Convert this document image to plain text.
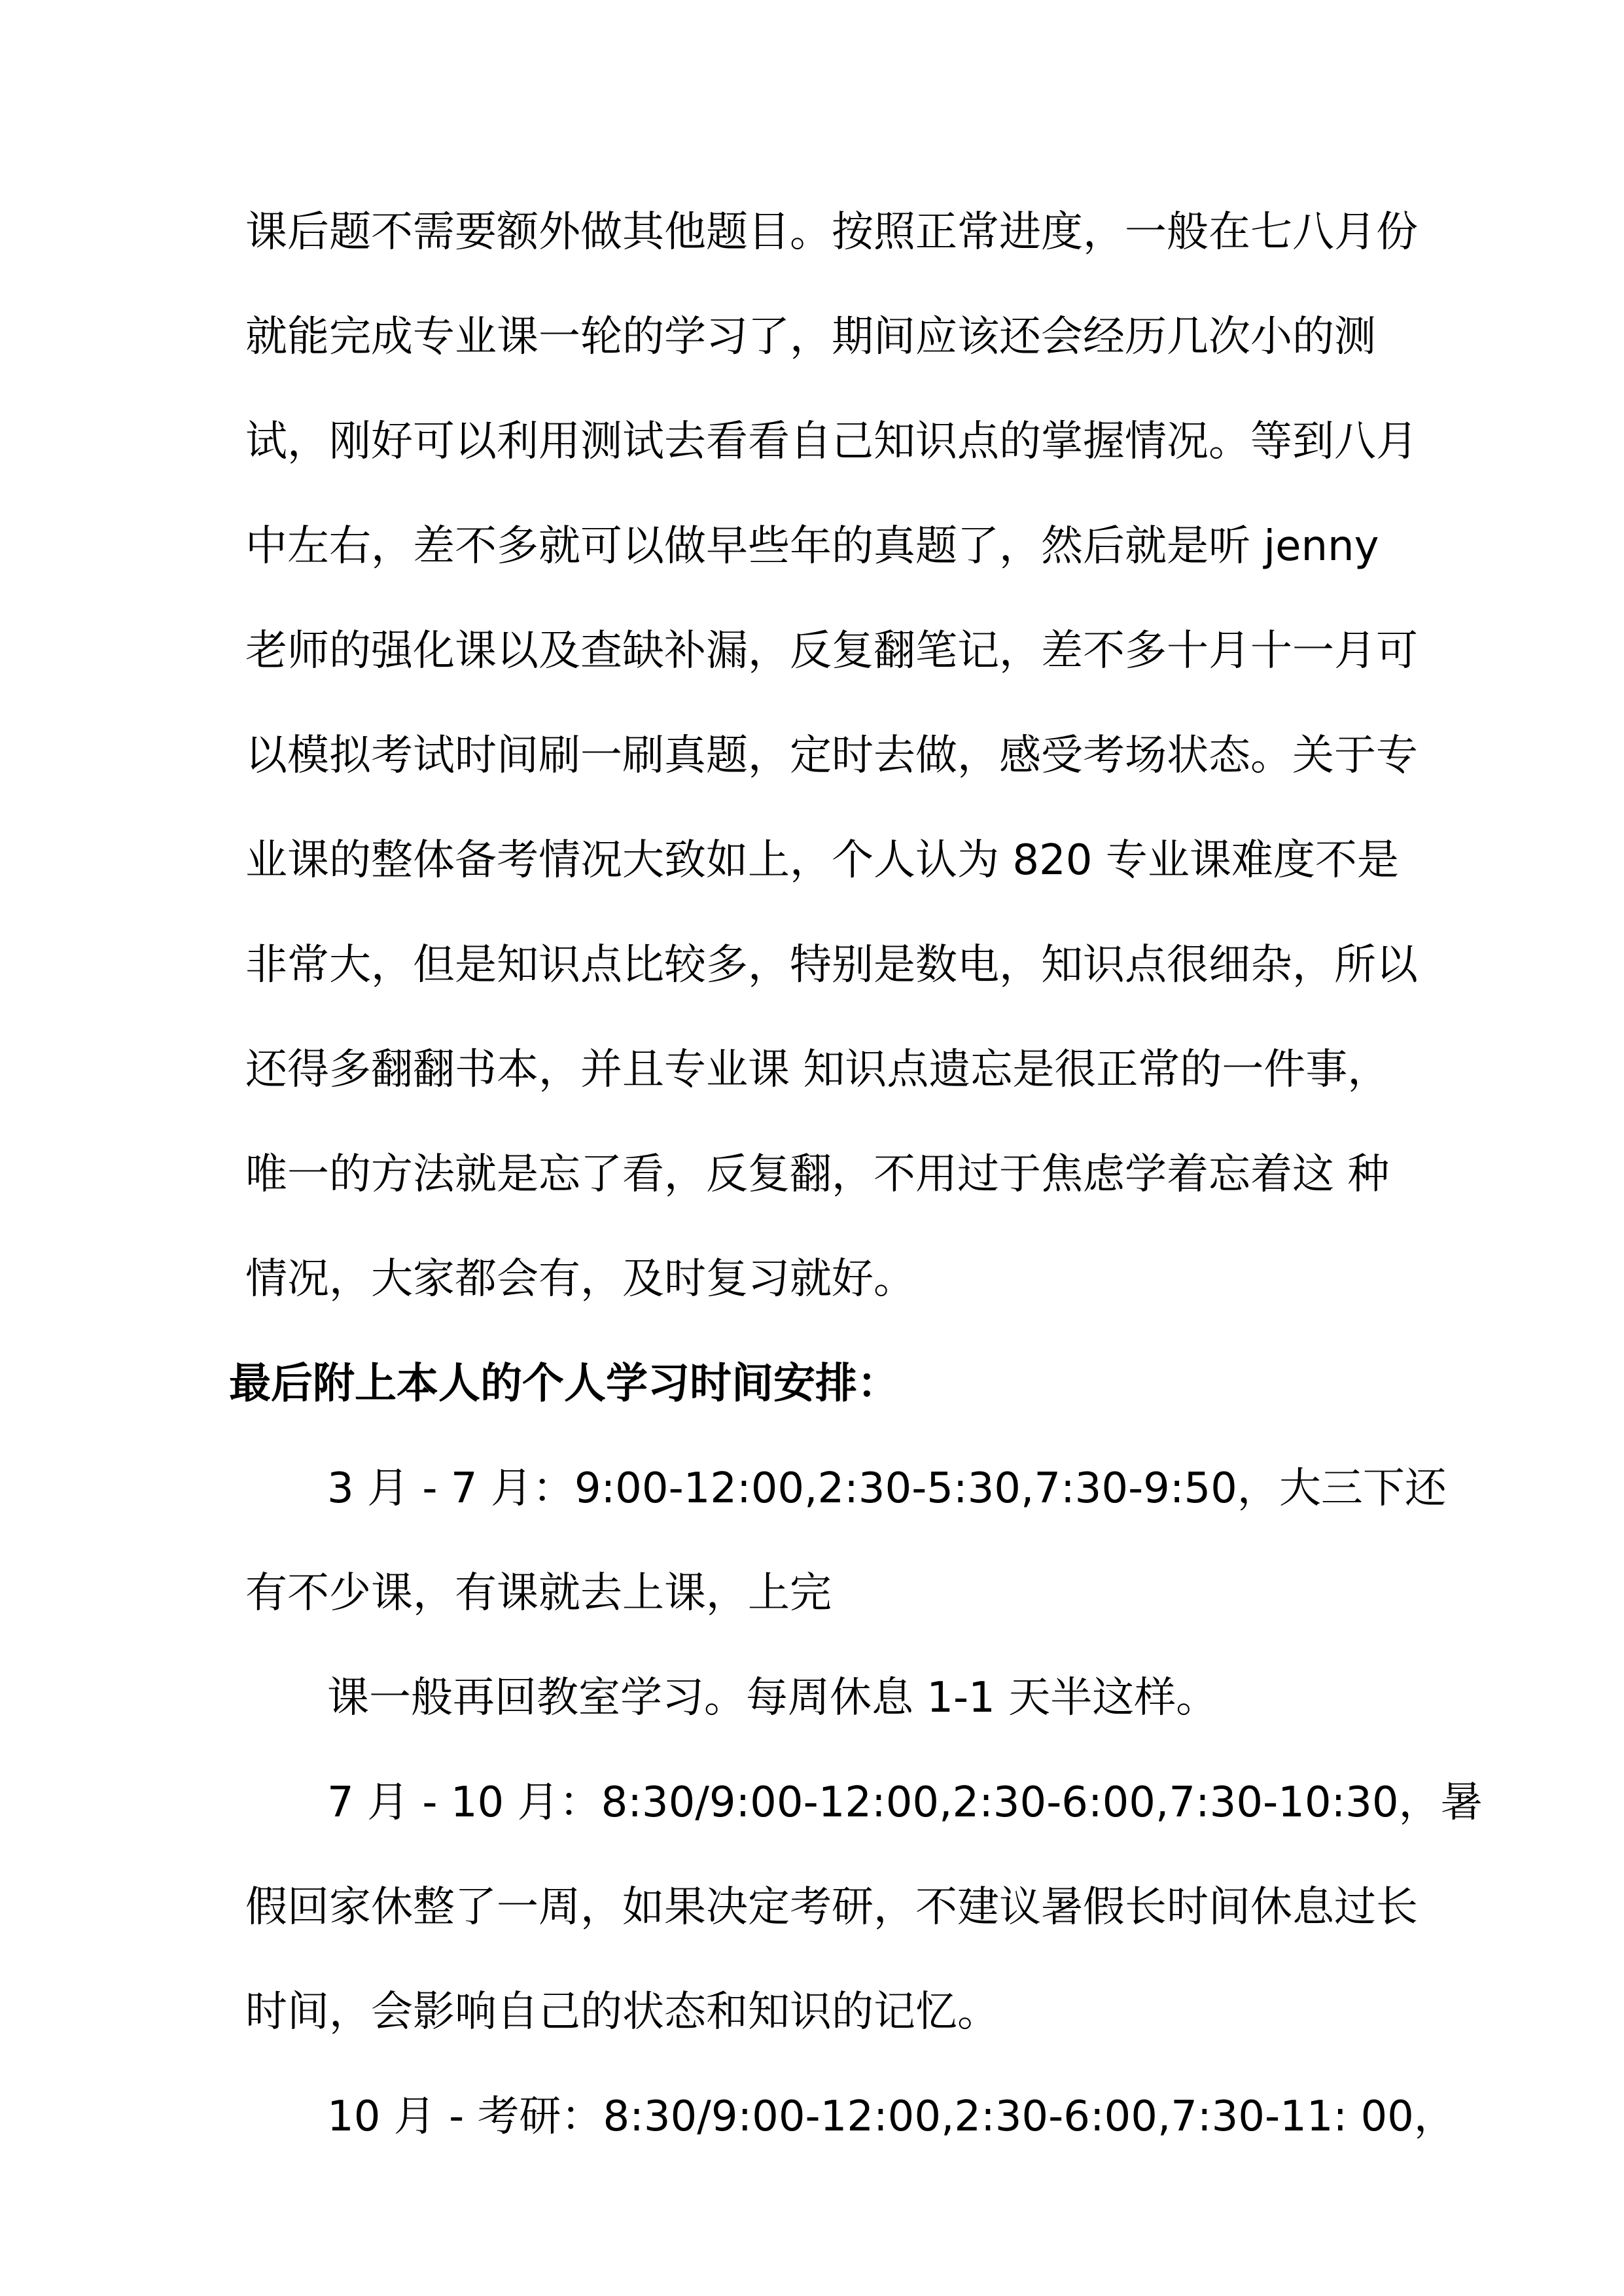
课后题不需要额外做其他题目。按照正常进度，一般在七八月份
就能完成专业课一轮的学习了，期间应该还会经历几次小的测
试，刚好可以利用测试去看看自己知识点的掌握情况。等到八月
中左右，差不多就可以做早些年的真题了，然后就是听 jenny
老师的强化课以及查缺补漏，反复翻笔记，差不多十月十一月可
以模拟考试时间刷一刷真题，定时去做，感受考场状态。关于专
业课的整体备考情况大致如上，个人认为 820 专业课难度不是
非常大，但是知识点比较多，特别是数电，知识点很细杂，所以
还得多翻翻书本，并且专业课 知识点遗忘是很正常的一件事，
唯一的方法就是忘了看，反复翻，不用过于焦虑学着忘着这 种
情况，大家都会有，及时复习就好。
最后附上本人的个人学习时间安排：
3 月 - 7 月：9:00-12:00,2:30-5:30,7:30-9:50，大三下还
有不少课，有课就去上课，上完
课一般再回教室学习。每周休息 1-1 天半这样。
7 月 - 10 月：8:30/9:00-12:00,2:30-6:00,7:30-10:30，暑
假回家休整了一周，如果决定考研，不建议暑假长时间休息过长
时间，会影响自己的状态和知识的记忆。
10 月 - 考研：8:30/9:00-12:00,2:30-6:00,7:30-11: 00，
